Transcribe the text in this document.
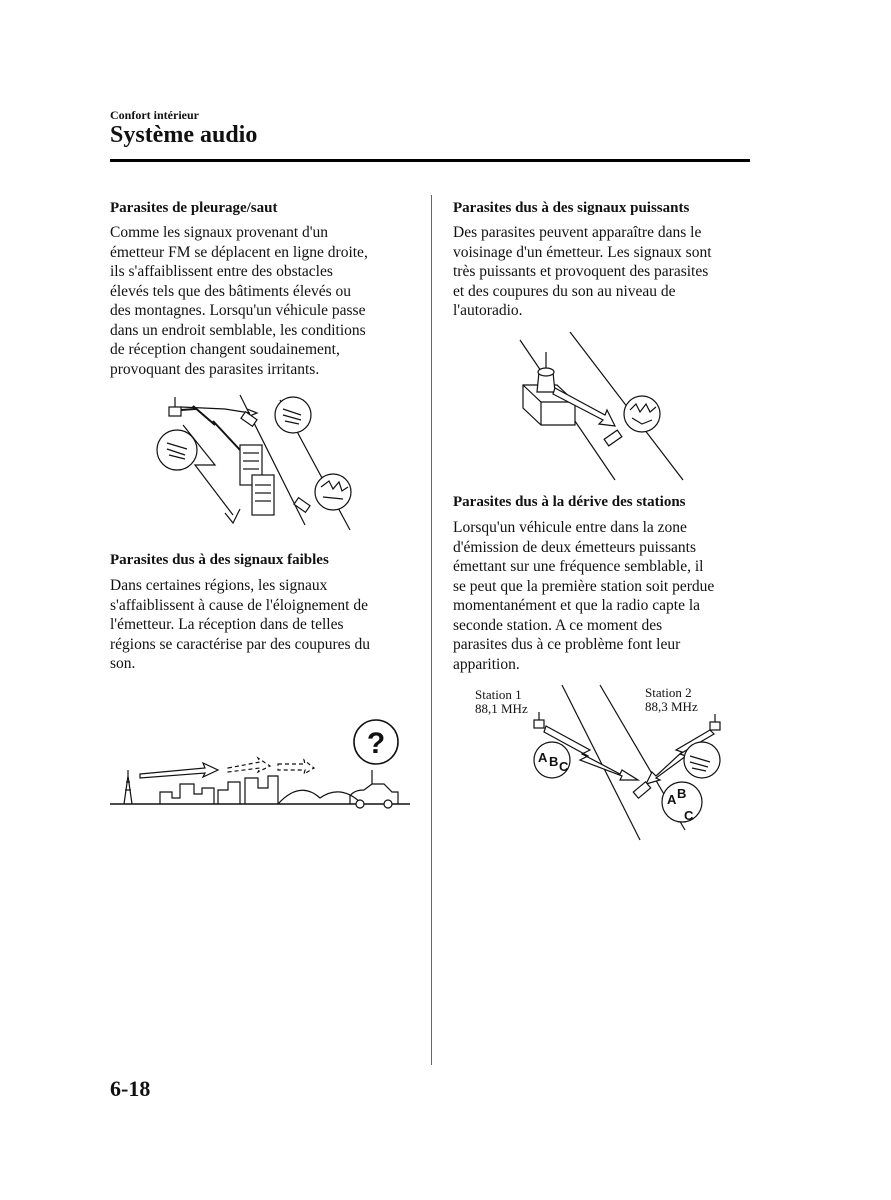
Confort intérieur
Système audio
Parasites de pleurage/saut
Comme les signaux provenant d'un
émetteur FM se déplacent en ligne droite,
ils s'affaiblissent entre des obstacles
élevés tels que des bâtiments élevés ou
des montagnes. Lorsqu'un véhicule passe
dans un endroit semblable, les conditions
de réception changent soudainement,
provoquant des parasites irritants.
Parasites dus à des signaux faibles
Dans certaines régions, les signaux
s'affaiblissent à cause de l'éloignement de
l'émetteur. La réception dans de telles
régions se caractérise par des coupures du
son.
?
Parasites dus à des signaux puissants
Des parasites peuvent apparaître dans le
voisinage d'un émetteur. Les signaux sont
très puissants et provoquent des parasites
et des coupures du son au niveau de
l'autoradio.
Parasites dus à la dérive des stations
Lorsqu'un véhicule entre dans la zone
d'émission de deux émetteurs puissants
émettant sur une fréquence semblable, il
se peut que la première station soit perdue
momentanément et que la radio capte la
seconde station. A ce moment des
parasites dus à ce problème font leur
apparition.
Station 1
88,1 MHz
Station 2
88,3 MHz
A B C
A B
C
6-18
